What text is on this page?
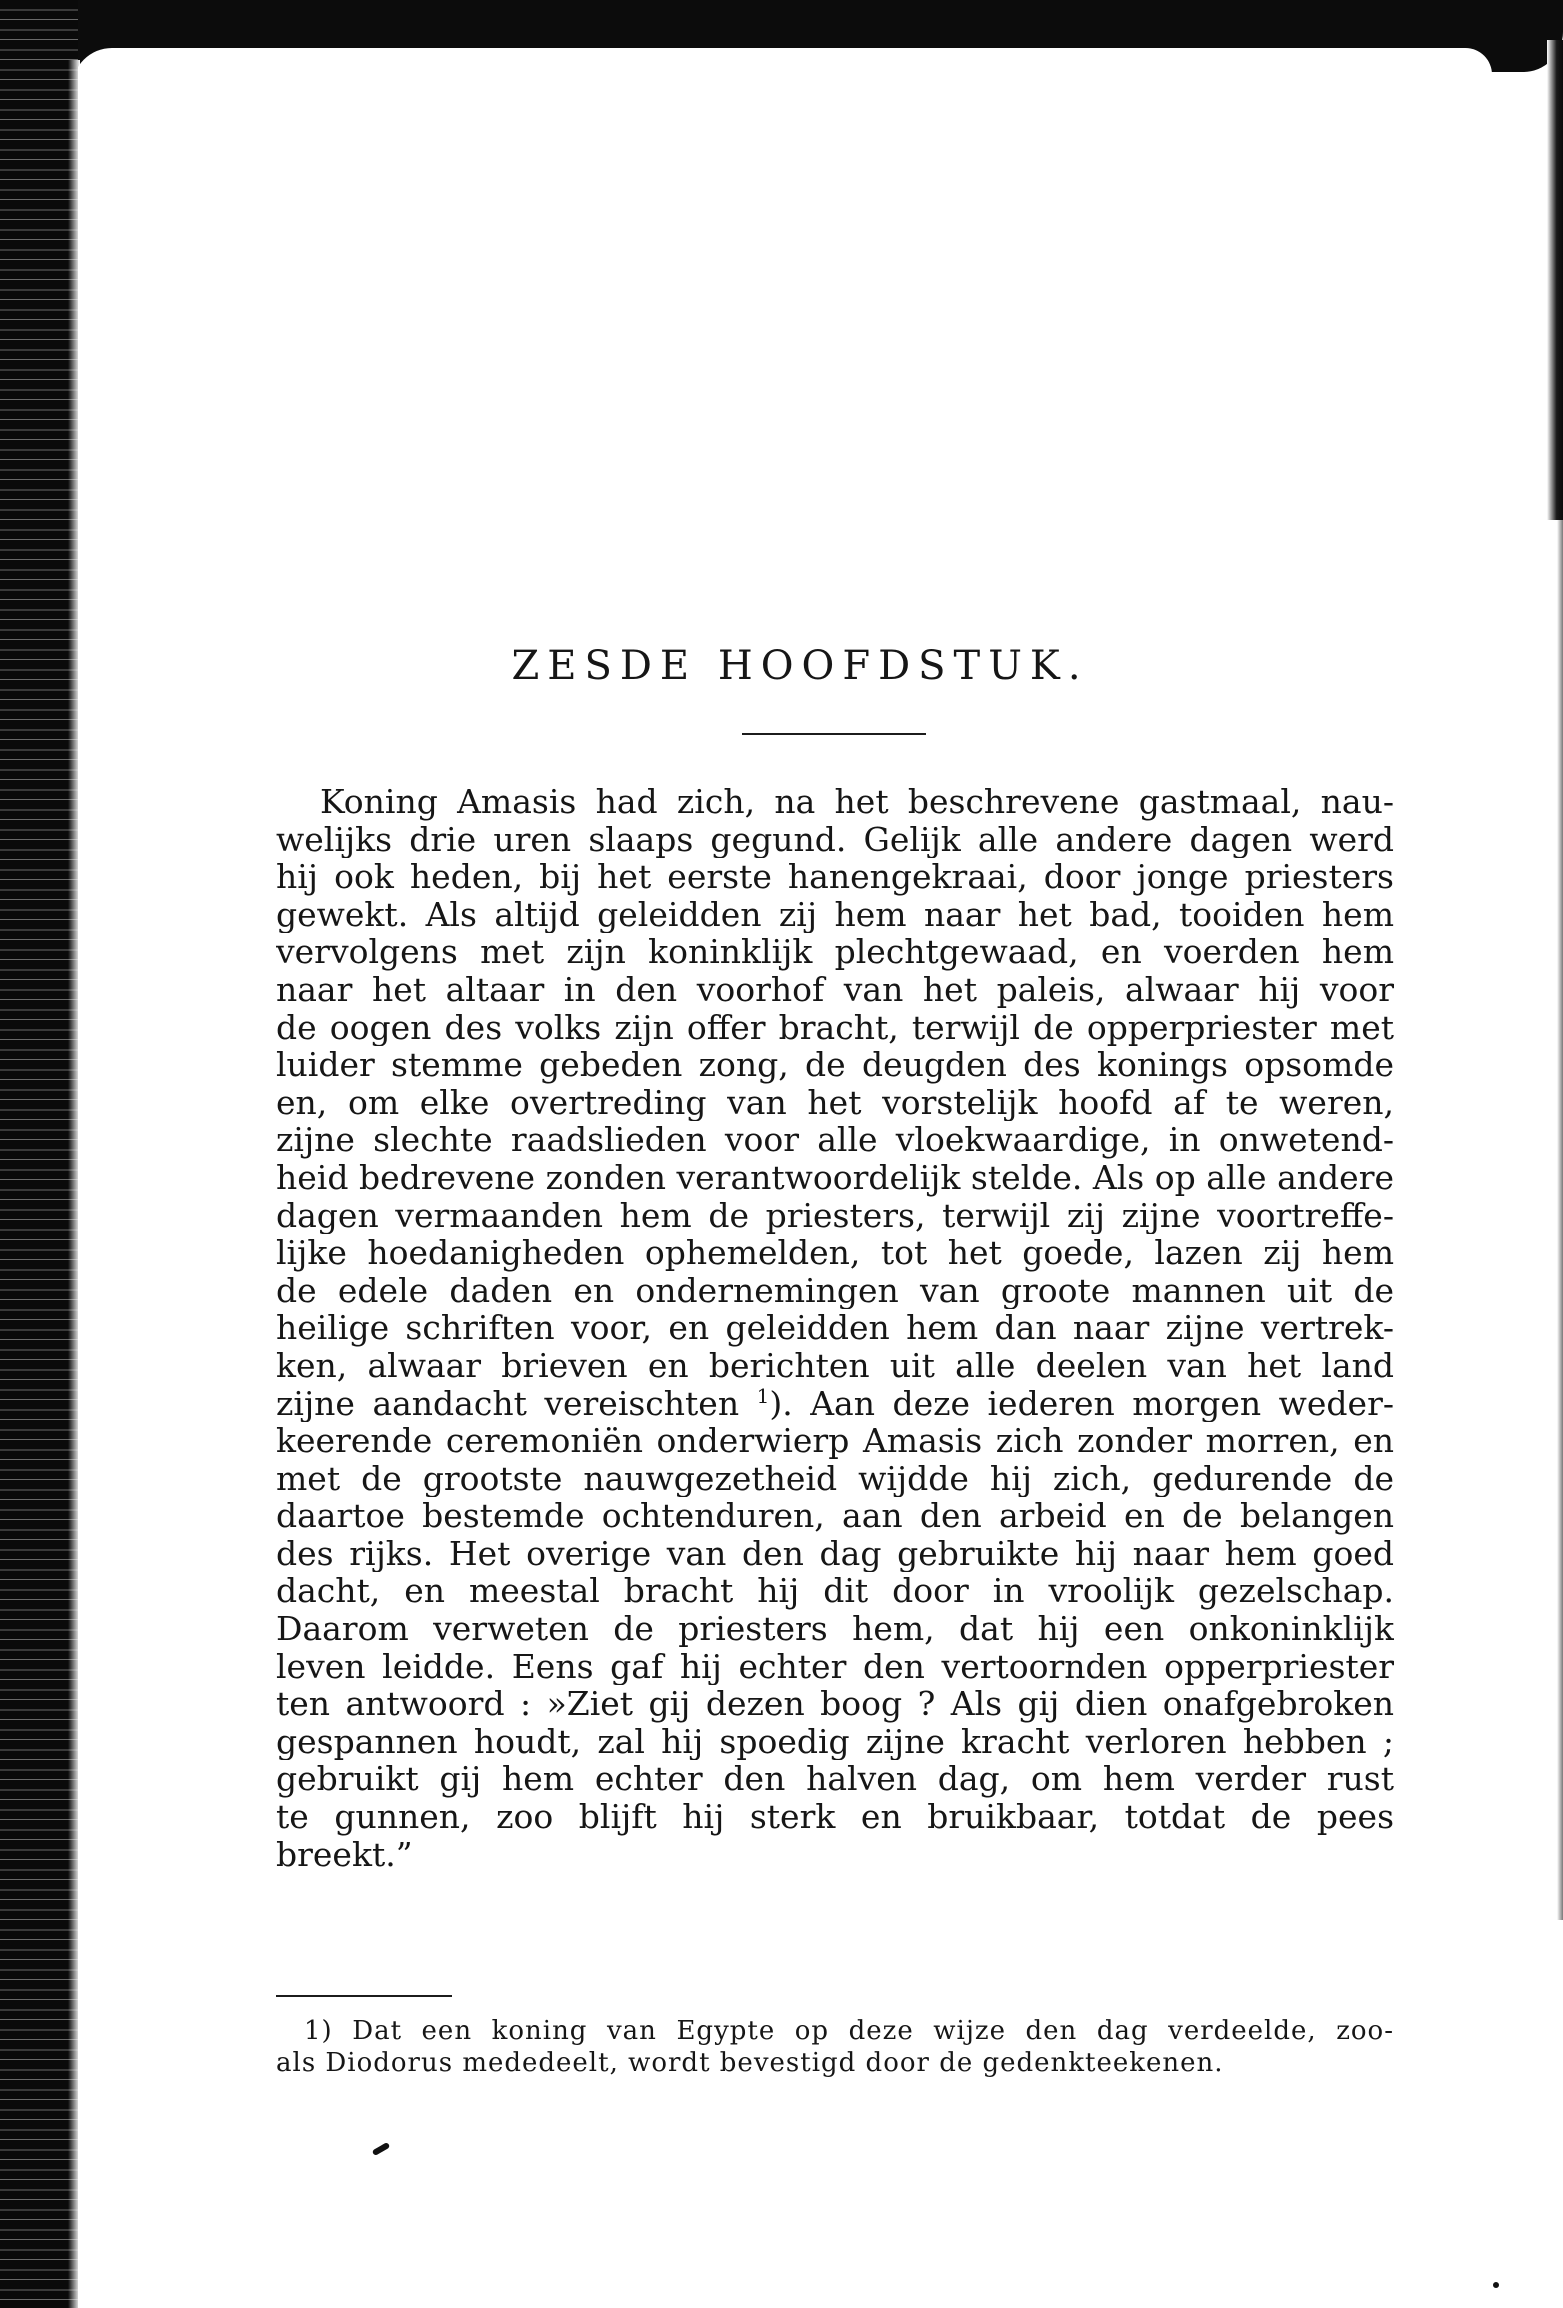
ZESDE HOOFDSTUK.
Koning Amasis had zich, na het beschrevene gastmaal, nau-
welijks drie uren slaaps gegund. Gelijk alle andere dagen werd
hij ook heden, bij het eerste hanengekraai, door jonge priesters
gewekt. Als altijd geleidden zij hem naar het bad, tooiden hem
vervolgens met zijn koninklijk plechtgewaad, en voerden hem
naar het altaar in den voorhof van het paleis, alwaar hij voor
de oogen des volks zijn offer bracht, terwijl de opperpriester met
luider stemme gebeden zong, de deugden des konings opsomde
en, om elke overtreding van het vorstelijk hoofd af te weren,
zijne slechte raadslieden voor alle vloekwaardige, in onwetend-
heid bedrevene zonden verantwoordelijk stelde. Als op alle andere
dagen vermaanden hem de priesters, terwijl zij zijne voortreffe-
lijke hoedanigheden ophemelden, tot het goede, lazen zij hem
de edele daden en ondernemingen van groote mannen uit de
heilige schriften voor, en geleidden hem dan naar zijne vertrek-
ken, alwaar brieven en berichten uit alle deelen van het land
zijne aandacht vereischten $^1$). Aan deze iederen morgen weder-
keerende ceremoniën onderwierp Amasis zich zonder morren, en
met de grootste nauwgezetheid wijdde hij zich, gedurende de
daartoe bestemde ochtenduren, aan den arbeid en de belangen
des rijks. Het overige van den dag gebruikte hij naar hem goed
dacht, en meestal bracht hij dit door in vroolijk gezelschap.
Daarom verweten de priesters hem, dat hij een onkoninklijk
leven leidde. Eens gaf hij echter den vertoornden opperpriester
ten antwoord : »Ziet gij dezen boog ? Als gij dien onafgebroken
gespannen houdt, zal hij spoedig zijne kracht verloren hebben ;
gebruikt gij hem echter den halven dag, om hem verder rust
te gunnen, zoo blijft hij sterk en bruikbaar, totdat de pees
breekt.”
1) Dat een koning van Egypte op deze wijze den dag verdeelde, zoo-
als Diodorus mededeelt, wordt bevestigd door de gedenkteekenen.
